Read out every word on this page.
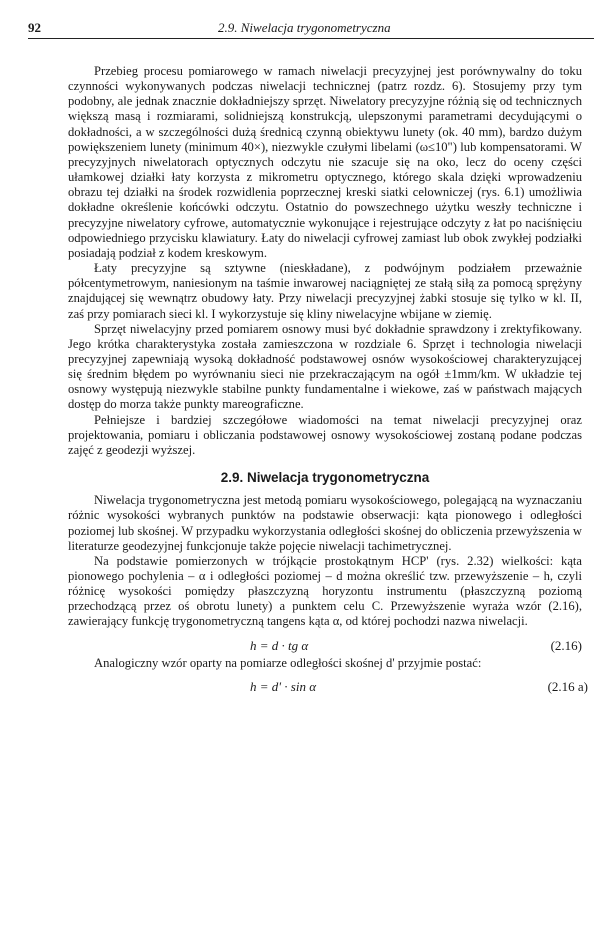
92	2.9. Niwelacja trygonometryczna

Przebieg procesu pomiarowego w ramach niwelacji precyzyjnej jest porównywalny do toku czynności wykonywanych podczas niwelacji technicznej (patrz rozdz. 6). Stosujemy przy tym podobny, ale jednak znacznie dokładniejszy sprzęt. Niwelatory precyzyjne różnią się od technicznych większą masą i rozmiarami, solidniejszą konstrukcją, ulepszonymi parametrami decydującymi o dokładności, a w szczególności dużą średnicą czynną obiektywu lunety (ok. 40 mm), bardzo dużym powiększeniem lunety (minimum 40×), niezwykle czułymi libelami (ω≤10") lub kompensatorami. W precyzyjnych niwelatorach optycznych odczytu nie szacuje się na oko, lecz do oceny części ułamkowej działki łaty korzysta z mikrometru optycznego, którego skala dzięki wprowadzeniu obrazu tej działki na środek rozwidlenia poprzecznej kreski siatki celowniczej (rys. 6.1) umożliwia dokładne określenie końcówki odczytu. Ostatnio do powszechnego użytku weszły techniczne i precyzyjne niwelatory cyfrowe, automatycznie wykonujące i rejestrujące odczyty z łat po naciśnięciu odpowiedniego przycisku klawiatury. Łaty do niwelacji cyfrowej zamiast lub obok zwykłej podziałki posiadają podział z kodem kreskowym.

Łaty precyzyjne są sztywne (nieskładane), z podwójnym podziałem przeważnie półcentymetrowym, naniesionym na taśmie inwarowej naciągniętej ze stałą siłą za pomocą sprężyny znajdującej się wewnątrz obudowy łaty. Przy niwelacji precyzyjnej żabki stosuje się tylko w kl. II, zaś przy pomiarach sieci kl. I wykorzystuje się kliny niwelacyjne wbijane w ziemię.

Sprzęt niwelacyjny przed pomiarem osnowy musi być dokładnie sprawdzony i zrektyfikowany. Jego krótka charakterystyka została zamieszczona w rozdziale 6. Sprzęt i technologia niwelacji precyzyjnej zapewniają wysoką dokładność podstawowej osnów wysokościowej charakteryzującej się średnim błędem po wyrównaniu sieci nie przekraczającym na ogół ±1mm/km. W układzie tej osnowy występują niezwykle stabilne punkty fundamentalne i wiekowe, zaś w państwach mających dostęp do morza także punkty mareograficzne.

Pełniejsze i bardziej szczegółowe wiadomości na temat niwelacji precyzyjnej oraz projektowania, pomiaru i obliczania podstawowej osnowy wysokościowej zostaną podane podczas zajęć z geodezji wyższej.

2.9. Niwelacja trygonometryczna

Niwelacja trygonometryczna jest metodą pomiaru wysokościowego, polegającą na wyznaczaniu różnic wysokości wybranych punktów na podstawie obserwacji: kąta pionowego i odległości poziomej lub skośnej. W przypadku wykorzystania odległości skośnej do obliczenia przewyższenia w literaturze geodezyjnej funkcjonuje także pojęcie niwelacji tachimetrycznej.

Na podstawie pomierzonych w trójkącie prostokątnym HCP' (rys. 2.32) wielkości: kąta pionowego pochylenia – α i odległości poziomej – d można określić tzw. przewyższenie – h, czyli różnicę wysokości pomiędzy płaszczyzną horyzontu instrumentu (płaszczyzną poziomą przechodzącą przez oś obrotu lunety) a punktem celu C. Przewyższenie wyraża wzór (2.16), zawierający funkcję trygonometryczną tangens kąta α, od której pochodzi nazwa niwelacji.

h = d · tg α	(2.16)

Analogiczny wzór oparty na pomiarze odległości skośnej d' przyjmie postać:

h = d' · sin α	(2.16 a)
